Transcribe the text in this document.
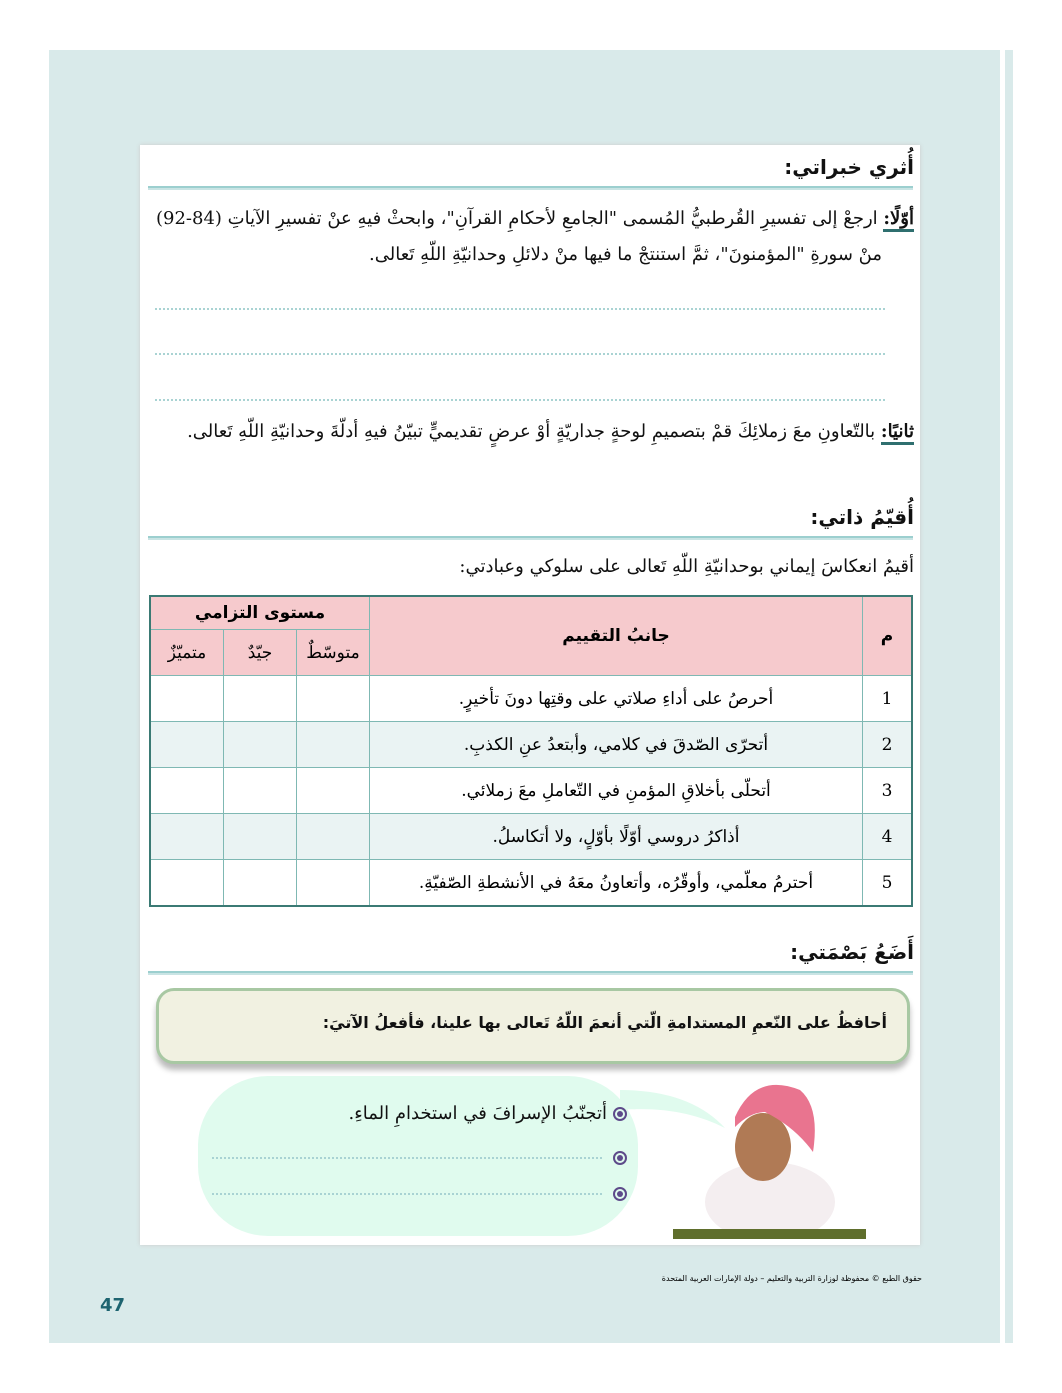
أُثري خبراتي:
أوّلًا: ارجعْ إلى تفسيرِ القُرطبيُّ المُسمى "الجامعِ لأحكامِ القرآنِ"، وابحثْ فيهِ عنْ تفسيرِ الآياتِ (84-92)
منْ سورةِ "المؤمنونَ"، ثمَّ استنتجْ ما فيها منْ دلائلِ وحدانيّةِ اللّهِ تَعالى.
ثانيًا: بالتّعاونِ معَ زملائِكَ قمْ بتصميمِ لوحةٍ جداريّةٍ أوْ عرضٍ تقديميٍّ تبيّنُ فيهِ أدلّةَ وحدانيّةِ اللّهِ تَعالى.
أُقيّمُ ذاتي:
أقيمُ انعكاسَ إيماني بوحدانيّةِ اللّهِ تَعالى على سلوكي وعبادتي:
م	جانبُ التقييم	مستوى التزامي		
		متوسّطٌ	جيّدٌ	متميّزٌ
1	أحرصُ على أداءِ صلاتي على وقتِها دونَ تأخيرٍ.			
2	أتحرّى الصّدقَ في كلامي، وأبتعدُ عنِ الكذبِ.			
3	أتحلّى بأخلاقِ المؤمنِ في التّعاملِ معَ زملائي.			
4	أذاكرُ دروسي أوّلًا بأوّلٍ، ولا أتكاسلُ.			
5	أحترمُ معلّمي، وأوقّرُه، وأتعاونُ معَهُ في الأنشطةِ الصّفيّةِ.			
أَضَعُ بَصْمَتي:
أحافظُ على النّعمِ المستدامةِ الّتي أنعمَ اللّهُ تَعالى بها علينا، فأفعلُ الآتيَ:
أتجنّبُ الإسرافَ في استخدامِ الماءِ.

حقوق الطبع © محفوظة لوزارة التربية والتعليم – دولة الإمارات العربية المتحدة
47
